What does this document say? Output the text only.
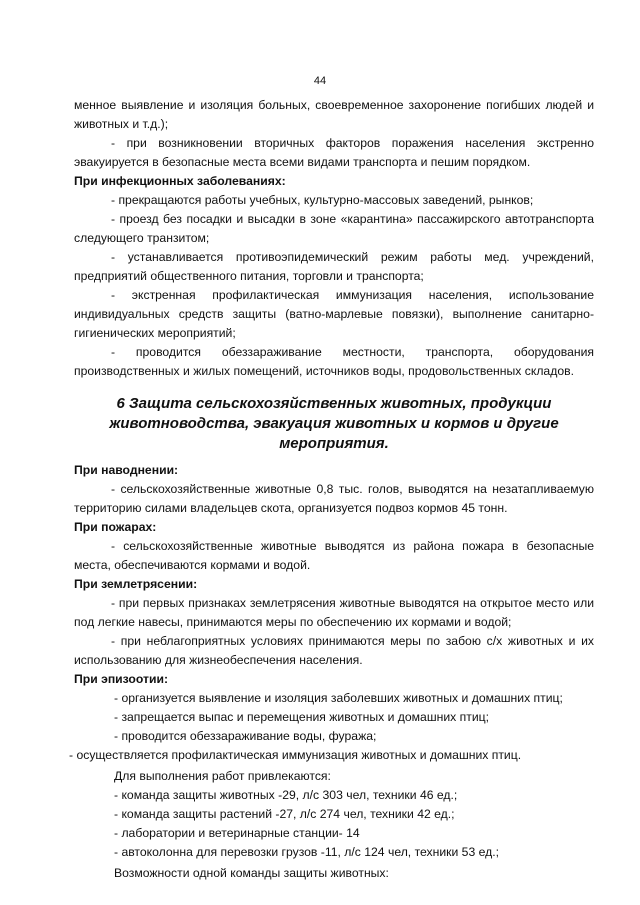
44

менное выявление и изоляция больных, своевременное захоронение погибших людей и животных и т.д.);

- при возникновении вторичных факторов поражения населения экстренно эвакуируется в безопасные места всеми видами транспорта и пешим порядком.

При инфекционных заболеваниях:

- прекращаются работы учебных, культурно-массовых заведений, рынков;

- проезд без посадки и высадки в зоне «карантина» пассажирского автотранспорта следующего транзитом;

- устанавливается противоэпидемический режим работы мед. учреждений, предприятий общественного питания, торговли и транспорта;

- экстренная профилактическая иммунизация населения, использование индивидуальных средств защиты (ватно-марлевые повязки), выполнение санитарно-гигиенических мероприятий;

- проводится обеззараживание местности, транспорта, оборудования производственных и жилых помещений, источников воды, продовольственных складов.

6 Защита сельскохозяйственных животных, продукции животноводства, эвакуация животных и кормов и другие мероприятия.

При наводнении:

- сельскохозяйственные животные 0,8 тыс. голов, выводятся на незатапливаемую территорию силами владельцев скота, организуется подвоз кормов 45 тонн.

При пожарах:

- сельскохозяйственные животные выводятся из района пожара в безопасные места, обеспечиваются кормами и водой.

При землетрясении:

- при первых признаках землетрясения животные выводятся на открытое место или под легкие навесы, принимаются меры по обеспечению их кормами и водой;

- при неблагоприятных условиях принимаются меры по забою с/х животных и их использованию для жизнеобеспечения населения.

При эпизоотии:

- организуется выявление и изоляция заболевших животных и домашних птиц;

- запрещается выпас и перемещения животных и домашних птиц;

- проводится обеззараживание воды, фуража;

- осуществляется профилактическая иммунизация животных и домашних птиц.

Для выполнения работ привлекаются:

- команда защиты животных -29, л/с 303 чел, техники 46 ед.;

- команда защиты растений -27, л/с 274 чел, техники 42 ед.;

- лаборатории и ветеринарные станции- 14

- автоколонна для перевозки грузов -11, л/с 124 чел, техники 53 ед.;

Возможности одной команды защиты животных:
